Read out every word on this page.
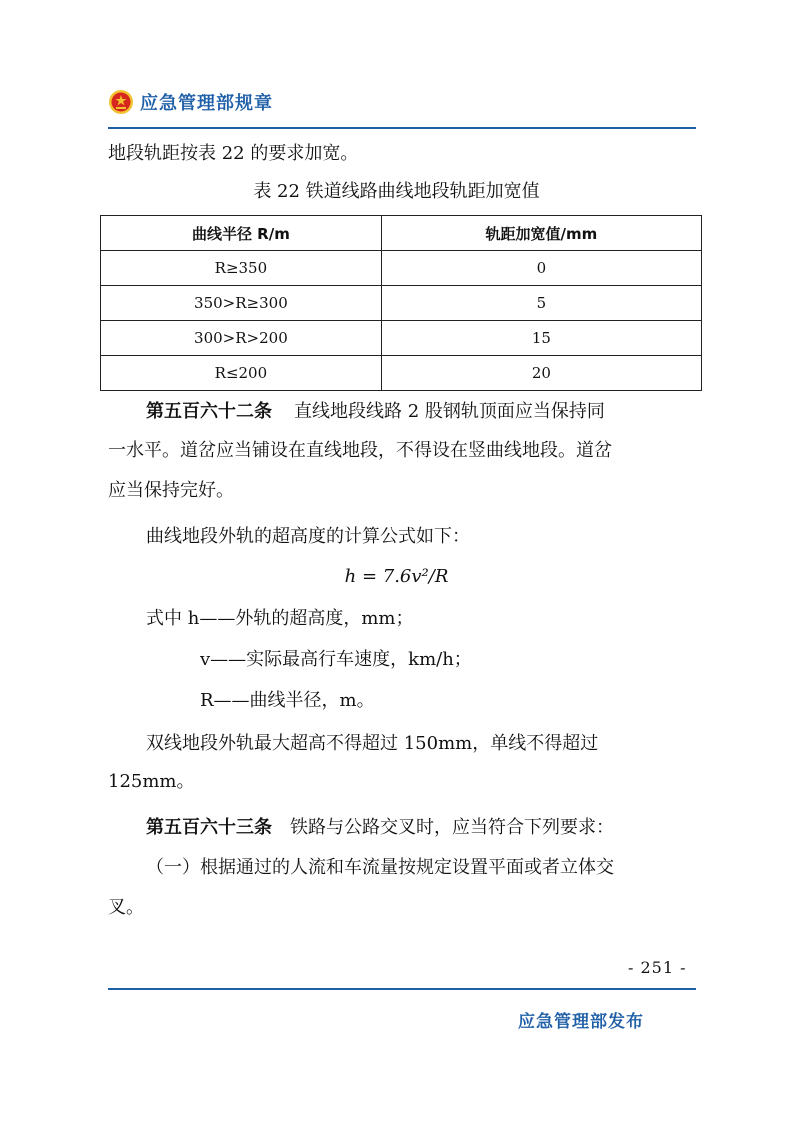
应急管理部规章
地段轨距按表 22 的要求加宽。
表 22 铁道线路曲线地段轨距加宽值
曲线半径 R/m	轨距加宽值/mm
R≥350	0
350>R≥300	5
300>R>200	15
R≤200	20
第五百六十二条 直线地段线路 2 股钢轨顶面应当保持同
一水平。道岔应当铺设在直线地段，不得设在竖曲线地段。道岔
应当保持完好。
曲线地段外轨的超高度的计算公式如下：
h = 7.6v²/R
式中 h——外轨的超高度，mm；
v——实际最高行车速度，km/h；
R——曲线半径，m。
双线地段外轨最大超高不得超过 150mm，单线不得超过
125mm。
第五百六十三条 铁路与公路交叉时，应当符合下列要求：
（一）根据通过的人流和车流量按规定设置平面或者立体交
叉。
- 251 -
应急管理部发布
